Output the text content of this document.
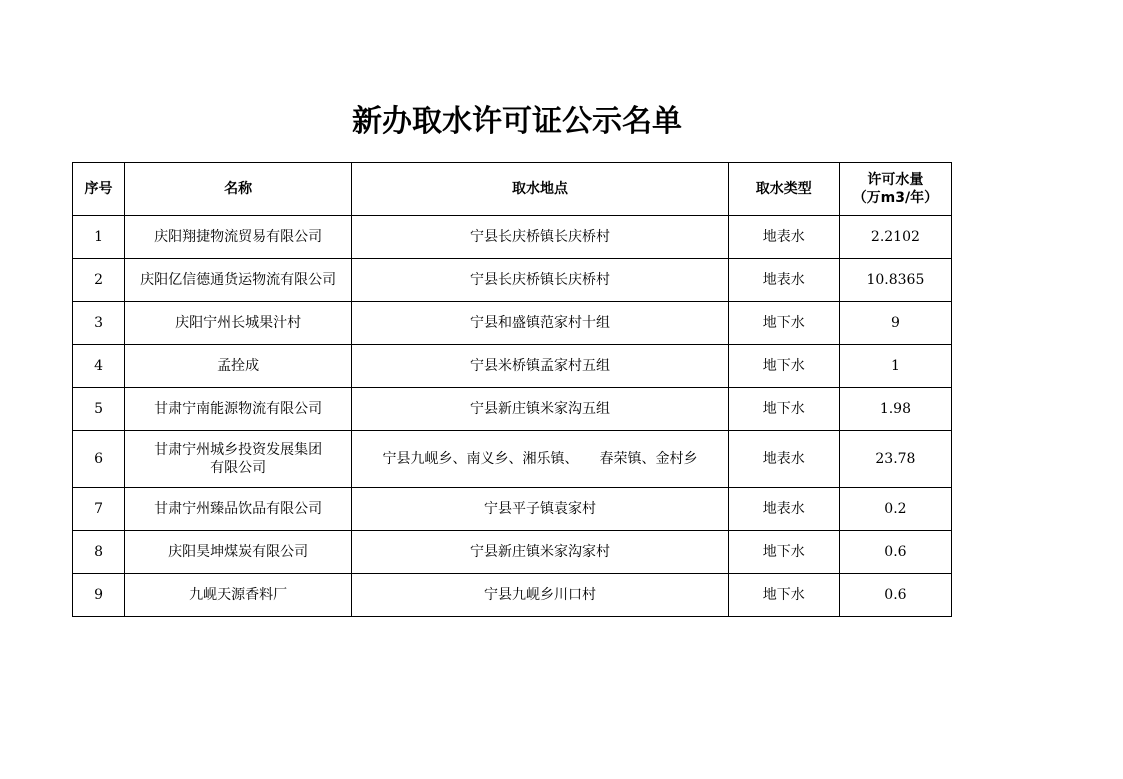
新办取水许可证公示名单
序号	名称	取水地点	取水类型	许可水量
（万m3/年）

1	庆阳翔捷物流贸易有限公司	宁县长庆桥镇长庆桥村	地表水	2.2102
2	庆阳亿信德通货运物流有限公司	宁县长庆桥镇长庆桥村	地表水	10.8365
3	庆阳宁州长城果汁村	宁县和盛镇范家村十组	地下水	9
4	孟拴成	宁县米桥镇孟家村五组	地下水	1
5	甘肃宁南能源物流有限公司	宁县新庄镇米家沟五组	地下水	1.98
6	甘肃宁州城乡投资发展集团有限公司	宁县九岘乡、南义乡、湘乐镇、　　春荣镇、金村乡	地表水	23.78
7	甘肃宁州臻品饮品有限公司	宁县平子镇袁家村	地表水	0.2
8	庆阳昊坤煤炭有限公司	宁县新庄镇米家沟家村	地下水	0.6
9	九岘天源香料厂	宁县九岘乡川口村	地下水	0.6
